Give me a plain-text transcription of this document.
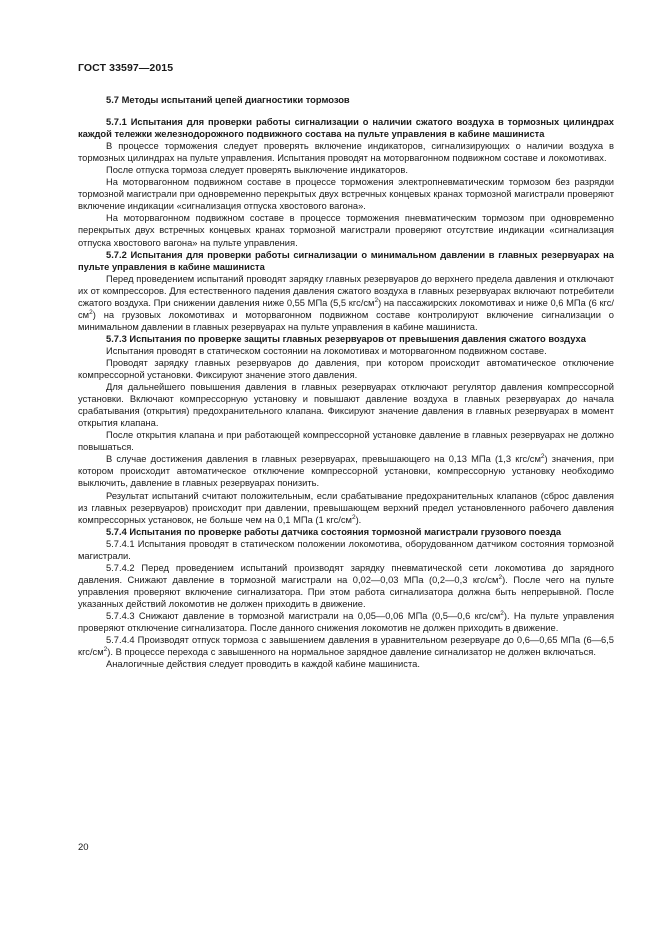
ГОСТ 33597—2015
5.7 Методы испытаний цепей диагностики тормозов

5.7.1 Испытания для проверки работы сигнализации о наличии сжатого воздуха в тормозных цилиндрах каждой тележки железнодорожного подвижного состава на пульте управления в кабине машиниста

В процессе торможения следует проверять включение индикаторов, сигнализирующих о наличии воздуха в тормозных цилиндрах на пульте управления. Испытания проводят на моторвагонном подвижном составе и локомотивах.

После отпуска тормоза следует проверять выключение индикаторов.

На моторвагонном подвижном составе в процессе торможения электропневматическим тормозом без разрядки тормозной магистрали при одновременно перекрытых двух встречных концевых кранах тормозной магистрали проверяют включение индикации «сигнализация отпуска хвостового вагона».

На моторвагонном подвижном составе в процессе торможения пневматическим тормозом при одновременно перекрытых двух встречных концевых кранах тормозной магистрали проверяют отсутствие индикации «сигнализация отпуска хвостового вагона» на пульте управления.

5.7.2 Испытания для проверки работы сигнализации о минимальном давлении в главных резервуарах на пульте управления в кабине машиниста

Перед проведением испытаний проводят зарядку главных резервуаров до верхнего предела давления и отключают их от компрессоров. Для естественного падения давления сжатого воздуха в главных резервуарах включают потребители сжатого воздуха. При снижении давления ниже 0,55 МПа (5,5 кгс/$см^2$) на пассажирских локомотивах и ниже 0,6 МПа (6 кгс/$см^2$) на грузовых локомотивах и моторвагонном подвижном составе контролируют включение сигнализации о минимальном давлении в главных резервуарах на пульте управления в кабине машиниста.

5.7.3 Испытания по проверке защиты главных резервуаров от превышения давления сжатого воздуха

Испытания проводят в статическом состоянии на локомотивах и моторвагонном подвижном составе.

Проводят зарядку главных резервуаров до давления, при котором происходит автоматическое отключение компрессорной установки. Фиксируют значение этого давления.

Для дальнейшего повышения давления в главных резервуарах отключают регулятор давления компрессорной установки. Включают компрессорную установку и повышают давление воздуха в главных резервуарах до начала срабатывания (открытия) предохранительного клапана. Фиксируют значение давления в главных резервуарах в момент открытия клапана.

После открытия клапана и при работающей компрессорной установке давление в главных резервуарах не должно повышаться.

В случае достижения давления в главных резервуарах, превышающего на 0,13 МПа (1,3 кгс/$см^2$) значения, при котором происходит автоматическое отключение компрессорной установки, компрессорную установку необходимо выключить, давление в главных резервуарах понизить.

Результат испытаний считают положительным, если срабатывание предохранительных клапанов (сброс давления из главных резервуаров) происходит при давлении, превышающем верхний предел установленного рабочего давления компрессорных установок, не больше чем на 0,1 МПа (1 кгс/$см^2$).

5.7.4 Испытания по проверке работы датчика состояния тормозной магистрали грузового поезда

5.7.4.1 Испытания проводят в статическом положении локомотива, оборудованном датчиком состояния тормозной магистрали.

5.7.4.2 Перед проведением испытаний производят зарядку пневматической сети локомотива до зарядного давления. Снижают давление в тормозной магистрали на 0,02—0,03 МПа (0,2—0,3 кгс/$см^2$). После чего на пульте управления проверяют включение сигнализатора. При этом работа сигнализатора должна быть непрерывной. После указанных действий локомотив не должен приходить в движение.

5.7.4.3 Снижают давление в тормозной магистрали на 0,05—0,06 МПа (0,5—0,6 кгс/$см^2$). На пульте управления проверяют отключение сигнализатора. После данного снижения локомотив не должен приходить в движение.

5.7.4.4 Производят отпуск тормоза с завышением давления в уравнительном резервуаре до 0,6—0,65 МПа (6—6,5 кгс/$см^2$). В процессе перехода с завышенного на нормальное зарядное давление сигнализатор не должен включаться.

Аналогичные действия следует проводить в каждой кабине машиниста.

20
